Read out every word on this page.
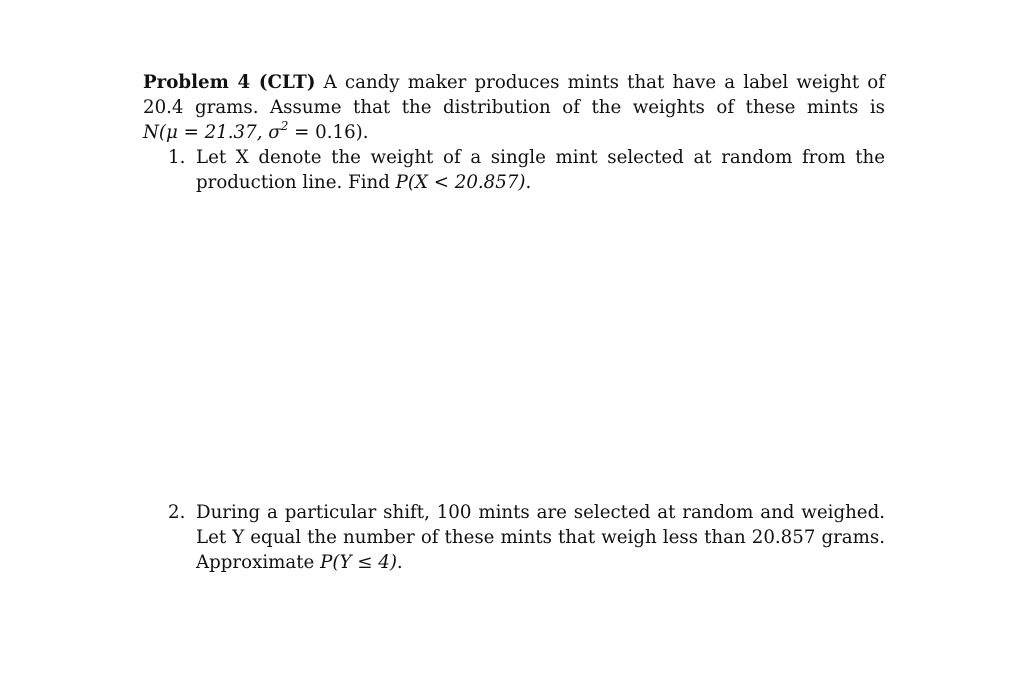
Problem 4 (CLT) A candy maker produces mints that have a label weight of 20.4 grams. Assume that the distribution of the weights of these mints is N(μ = 21.37, $\sigma^2 = 0.16$).

1. Let X denote the weight of a single mint selected at random from the production line. Find P(X < 20.857).

2. During a particular shift, 100 mints are selected at random and weighed. Let Y equal the number of these mints that weigh less than 20.857 grams. Approximate P(Y ≤ 4).
